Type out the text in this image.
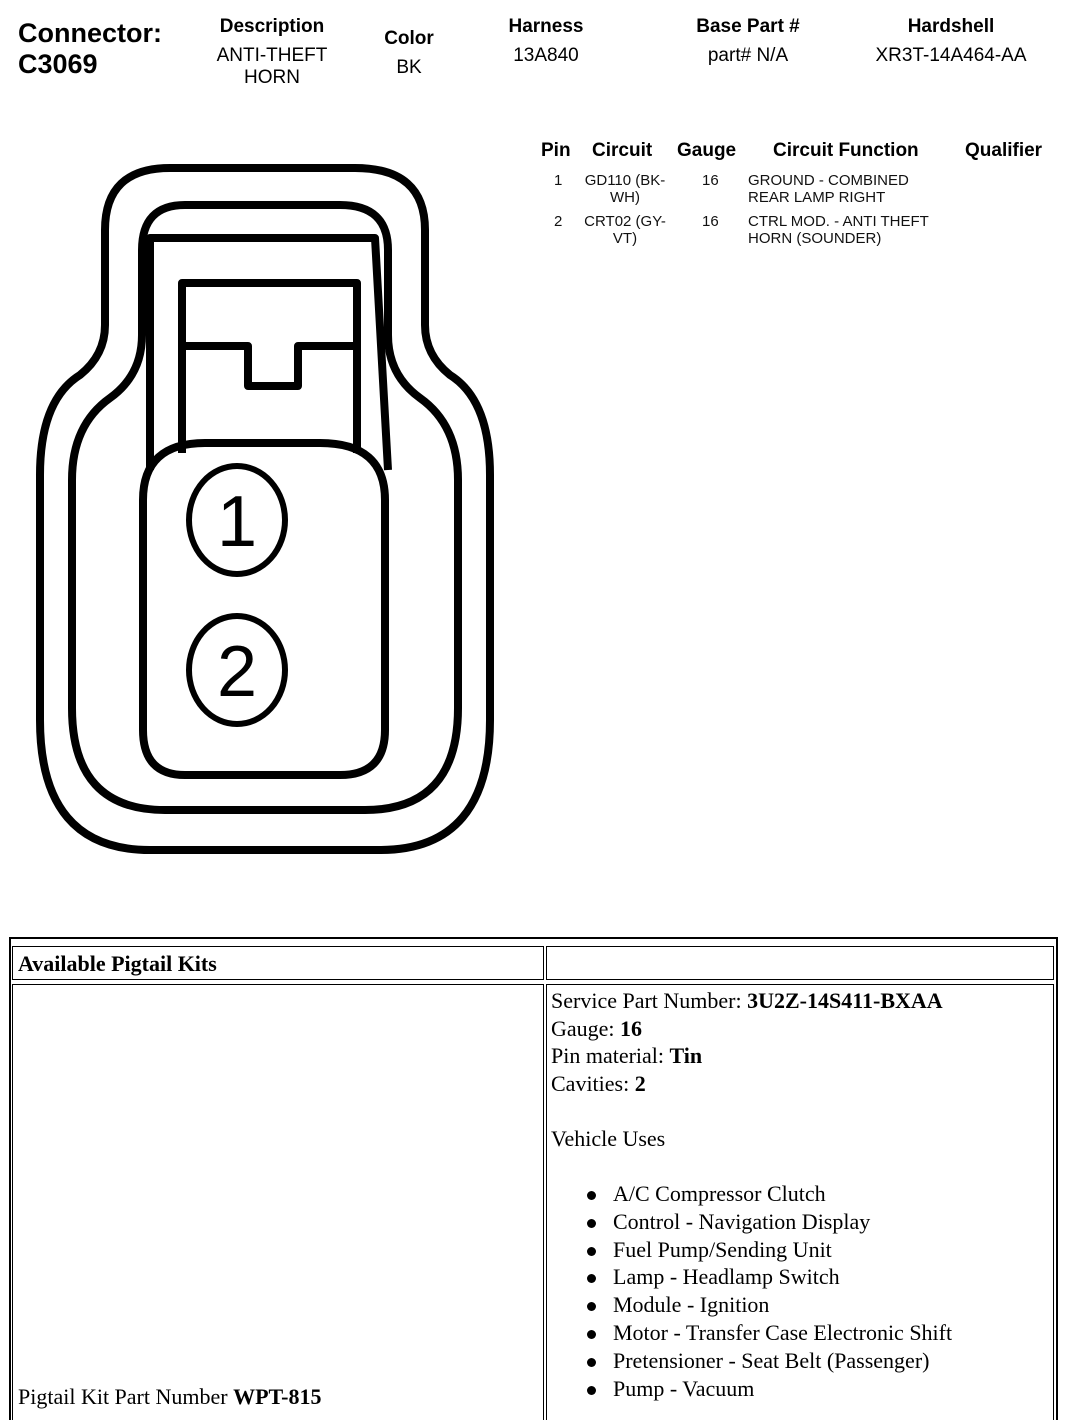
Connector:
C3069
Description
ANTI-THEFT
HORN
Color
BK
Harness
13A840
Base Part #
part# N/A
Hardshell
XR3T-14A464-AA
Pin Circuit Gauge Circuit Function Qualifier
1	GD110 (BK-
WH)
16 GROUND - COMBINED
REAR LAMP RIGHT
2	CRT02 (GY-
VT)
16 CTRL MOD. - ANTI THEFT
HORN (SOUNDER)
1
2
Available Pigtail Kits
Pigtail Kit Part Number WPT-815
Service Part Number: 3U2Z-14S411-BXAA
Gauge: 16
Pin material: Tin
Cavities: 2
Vehicle Uses
A/C Compressor Clutch
Control - Navigation Display
Fuel Pump/Sending Unit
Lamp - Headlamp Switch
Module - Ignition
Motor - Transfer Case Electronic Shift
Pretensioner - Seat Belt (Passenger)
Pump - Vacuum
